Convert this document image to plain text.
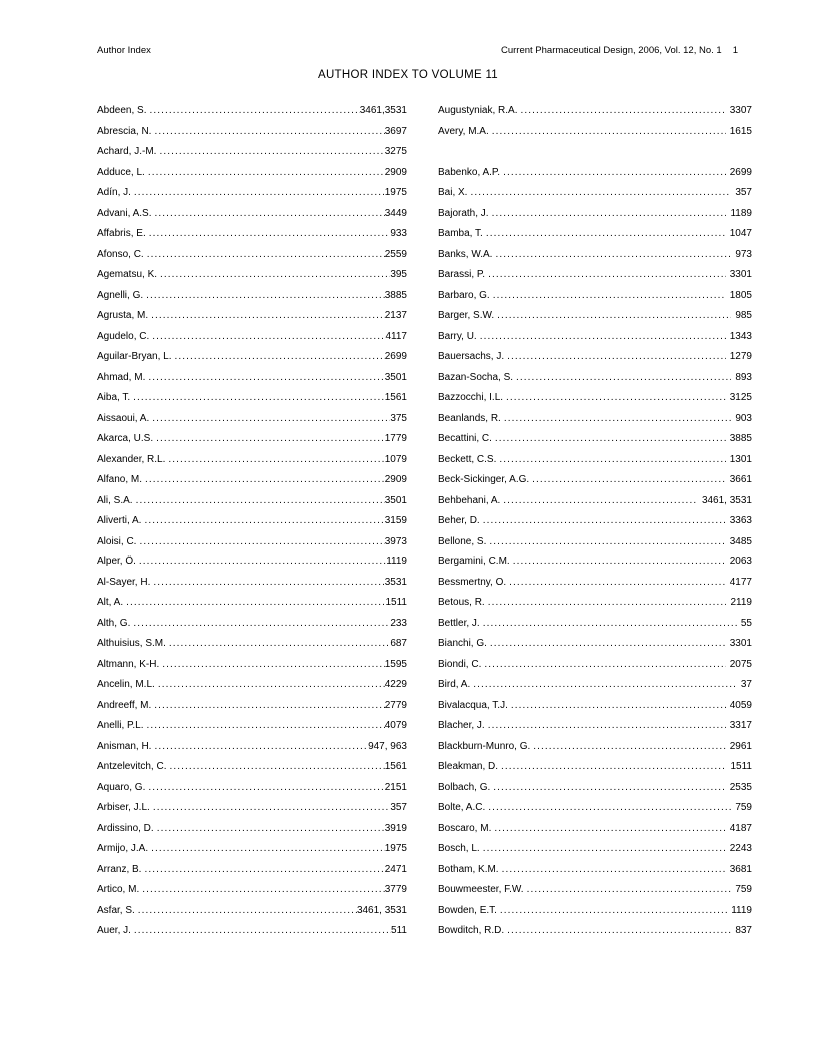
Author Index	Current Pharmaceutical Design, 2006, Vol. 12, No. 1 1
AUTHOR INDEX TO VOLUME 11
Abdeen, S. .....	3461,3531
Abrescia, N. .....	3697
Achard, J.-M. .....	3275
Adduce, L. .....	2909
Adín, J. .....	1975
Advani, A.S. .....	3449
Affabris, E. .....	933
Afonso, C. .....	2559
Agematsu, K. .....	395
Agnelli, G. .....	3885
Agrusta, M. .....	2137
Agudelo, C. .....	4117
Aguilar-Bryan, L. .....	2699
Ahmad, M. .....	3501
Aiba, T. .....	1561
Aissaoui, A. .....	375
Akarca, U.S. .....	1779
Alexander, R.L. .....	1079
Alfano, M. .....	2909
Ali, S.A. .....	3501
Aliverti, A. .....	3159
Aloisi, C. .....	3973
Alper, Ö. .....	1119
Al-Sayer, H. .....	3531
Alt, A. .....	1511
Alth, G. .....	233
Althuisius, S.M. .....	687
Altmann, K-H. .....	1595
Ancelin, M.L. .....	4229
Andreeff, M. .....	2779
Anelli, P.L. .....	4079
Anisman, H. .....	947, 963
Antzelevitch, C. .....	1561
Aquaro, G. .....	2151
Arbiser, J.L. .....	357
Ardissino, D. .....	3919
Armijo, J.A. .....	1975
Arranz, B. .....	2471
Artico, M. .....	3779
Asfar, S. .....	3461, 3531
Auer, J. .....	511
Augustyniak, R.A. .....	3307
Avery, M.A. .....	1615
Babenko, A.P. .....	2699
Bai, X. .....	357
Bajorath, J. .....	1189
Bamba, T. .....	1047
Banks, W.A. .....	973
Barassi, P. .....	3301
Barbaro, G. .....	1805
Barger, S.W. .....	985
Barry, U. .....	1343
Bauersachs, J. .....	1279
Bazan-Socha, S. .....	893
Bazzocchi, I.L. .....	3125
Beanlands, R. .....	903
Becattini, C. .....	3885
Beckett, C.S. .....	1301
Beck-Sickinger, A.G. .....	3661
Behbehani, A. .....	3461, 3531
Beher, D. .....	3363
Bellone, S. .....	3485
Bergamini, C.M. .....	2063
Bessmertny, O. .....	4177
Betous, R. .....	2119
Bettler, J. .....	55
Bianchi, G. .....	3301
Biondi, C. .....	2075
Bird, A. .....	37
Bivalacqua, T.J. .....	4059
Blacher, J. .....	3317
Blackburn-Munro, G. .....	2961
Bleakman, D. .....	1511
Bolbach, G. .....	2535
Bolte, A.C. .....	759
Boscaro, M. .....	4187
Bosch, L. .....	2243
Botham, K.M. .....	3681
Bouwmeester, F.W. .....	759
Bowden, E.T. .....	1119
Bowditch, R.D. .....	837
